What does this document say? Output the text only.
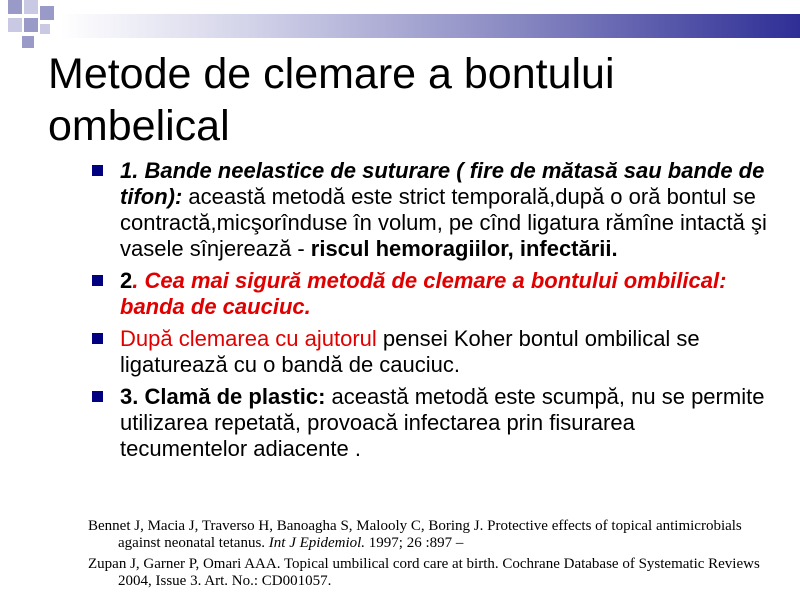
Metode de clemare a bontului
ombelical
1. Bande neelastice de suturare ( fire de mătasă sau bande de tifon): această metodă este strict temporală,după o oră bontul se contractă,micşorînduse în volum, pe cînd ligatura rămîne intactă şi vasele sînjerează - riscul hemoragiilor, infectării.
2. Cea mai sigură metodă de clemare a bontului ombilical: banda de cauciuc.
După clemarea cu ajutorul pensei Koher bontul ombilical se ligaturează cu o bandă de cauciuc.
3. Clamă de plastic: această metodă este scumpă, nu se permite utilizarea repetată, provoacă infectarea prin fisurarea tecumentelor adiacente .

Bennet J, Macia J, Traverso H, Banoagha S, Malooly C, Boring J. Protective effects of topical antimicrobials against neonatal tetanus. Int J Epidemiol. 1997; 26 :897 –

Zupan J, Garner P, Omari AAA. Topical umbilical cord care at birth. Cochrane Database of Systematic Reviews 2004, Issue 3. Art. No.: CD001057.
